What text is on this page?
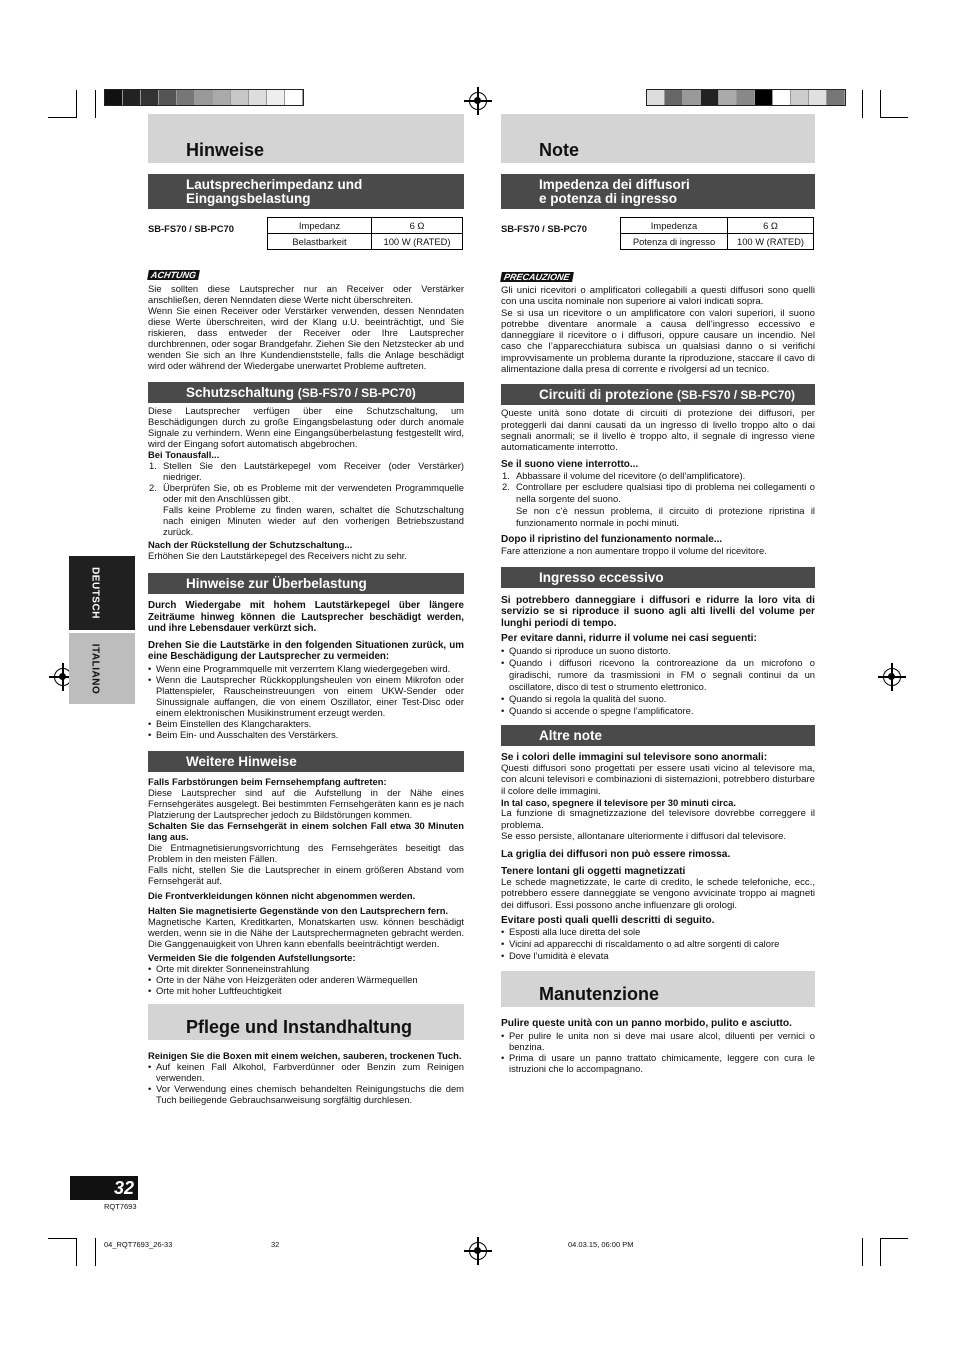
DEUTSCH
ITALIANO
Hinweise
Lautsprecherimpedanz und Eingangsbelastung
SB-FS70 / SB-PC70	Impedanz	6 Ω
Belastbarkeit	100 W (RATED)
ACHTUNG

Sie sollten diese Lautsprecher nur an Receiver oder Verstärker anschließen, deren Nenndaten diese Werte nicht überschreiten.
Wenn Sie einen Receiver oder Verstärker verwenden, dessen Nenndaten diese Werte überschreiten, wird der Klang u.U. beeinträchtigt, und Sie riskieren, dass entweder der Receiver oder Ihre Lautsprecher durchbrennen, oder sogar Brandgefahr. Ziehen Sie den Netzstecker ab und wenden Sie sich an Ihre Kundendienststelle, falls die Anlage beschädigt wird oder während der Wiedergabe unerwartet Probleme auftreten.

Schutzschaltung (SB-FS70 / SB-PC70)

Diese Lautsprecher verfügen über eine Schutzschaltung, um Beschädigungen durch zu große Eingangsbelastung oder durch anomale Signale zu verhindern. Wenn eine Eingangsüberbelastung festgestellt wird, wird der Eingang sofort automatisch abgebrochen.

Bei Tonausfall...

1. Stellen Sie den Lautstärkepegel vom Receiver (oder Verstärker) niedriger.
2. Überprüfen Sie, ob es Probleme mit der verwendeten Programmquelle oder mit den Anschlüssen gibt.
Falls keine Probleme zu finden waren, schaltet die Schutzschaltung nach einigen Minuten wieder auf den vorherigen Betriebszustand zurück.

Nach der Rückstellung der Schutzschaltung...

Erhöhen Sie den Lautstärkepegel des Receivers nicht zu sehr.

Hinweise zur Überbelastung

Durch Wiedergabe mit hohem Lautstärkepegel über längere Zeiträume hinweg können die Lautsprecher beschädigt werden, und ihre Lebensdauer verkürzt sich.

Drehen Sie die Lautstärke in den folgenden Situationen zurück, um eine Beschädigung der Lautsprecher zu vermeiden:

• Wenn eine Programmquelle mit verzerrtem Klang wiedergegeben wird.
• Wenn die Lautsprecher Rückkopplungsheulen von einem Mikrofon oder Plattenspieler, Rauscheinstreuungen von einem UKW-Sender oder Sinussignale auffangen, die von einem Oszillator, einer Test-Disc oder einem elektronischen Musikinstrument erzeugt werden.
• Beim Einstellen des Klangcharakters.
• Beim Ein- und Ausschalten des Verstärkers.
Weitere Hinweise

Falls Farbstörungen beim Fernsehempfang auftreten:

Diese Lautsprecher sind auf die Aufstellung in der Nähe eines Fernsehgerätes ausgelegt. Bei bestimmten Fernsehgeräten kann es je nach Platzierung der Lautsprecher jedoch zu Bildstörungen kommen.

Schalten Sie das Fernsehgerät in einem solchen Fall etwa 30 Minuten lang aus.

Die Entmagnetisierungsvorrichtung des Fernsehgerätes beseitigt das Problem in den meisten Fällen.
Falls nicht, stellen Sie die Lautsprecher in einem größeren Abstand vom Fernsehgerät auf.

Die Frontverkleidungen können nicht abgenommen werden.

Halten Sie magnetisierte Gegenstände von den Lautsprechern fern.

Magnetische Karten, Kreditkarten, Monatskarten usw. können beschädigt werden, wenn sie in die Nähe der Lautsprechermagneten gebracht werden. Die Ganggenauigkeit von Uhren kann ebenfalls beeinträchtigt werden.

Vermeiden Sie die folgenden Aufstellungsorte:

• Orte mit direkter Sonneneinstrahlung
• Orte in der Nähe von Heizgeräten oder anderen Wärmequellen
• Orte mit hoher Luftfeuchtigkeit
Pflege und Instandhaltung

Reinigen Sie die Boxen mit einem weichen, sauberen, trockenen Tuch.

• Auf keinen Fall Alkohol, Farbverdünner oder Benzin zum Reinigen verwenden.
• Vor Verwendung eines chemisch behandelten Reinigungstuchs die dem Tuch beiliegende Gebrauchsanweisung sorgfältig durchlesen.
Note
Impedenza dei diffusori
e potenza di ingresso
SB-FS70 / SB-PC70	Impedenza	6 Ω
Potenza di ingresso	100 W (RATED)
PRECAUZIONE

Gli unici ricevitori o amplificatori collegabili a questi diffusori sono quelli con una uscita nominale non superiore ai valori indicati sopra.
Se si usa un ricevitore o un amplificatore con valori superiori, il suono potrebbe diventare anormale a causa dell’ingresso eccessivo e danneggiare il ricevitore o i diffusori, oppure causare un incendio. Nel caso che l’apparecchiatura subisca un qualsiasi danno o si verifichi improvvisamente un problema durante la riproduzione, staccare il cavo di alimentazione dalla presa di corrente e rivolgersi ad un tecnico.

Circuiti di protezione (SB-FS70 / SB-PC70)

Queste unità sono dotate di circuiti di protezione dei diffusori, per proteggerli dai danni causati da un ingresso di livello troppo alto o dai segnali anormali; se il livello è troppo alto, il segnale di ingresso viene automaticamente interrotto.

Se il suono viene interrotto...

1. Abbassare il volume del ricevitore (o dell’amplificatore).
2. Controllare per escludere qualsiasi tipo di problema nei collegamenti o nella sorgente del suono.
Se non c’è nessun problema, il circuito di protezione ripristina il funzionamento normale in pochi minuti.

Dopo il ripristino del funzionamento normale...

Fare attenzione a non aumentare troppo il volume del ricevitore.

Ingresso eccessivo

Si potrebbero danneggiare i diffusori e ridurre la loro vita di servizio se si riproduce il suono agli alti livelli del volume per lunghi periodi di tempo.

Per evitare danni, ridurre il volume nei casi seguenti:

• Quando si riproduce un suono distorto.
• Quando i diffusori ricevono la controreazione da un microfono o giradischi, rumore da trasmissioni in FM o segnali continui da un oscillatore, disco di test o strumento elettronico.
• Quando si regola la qualità del suono.
• Quando si accende o spegne l’amplificatore.
Altre note

Se i colori delle immagini sul televisore sono anormali:

Questi diffusori sono progettati per essere usati vicino al televisore ma, con alcuni televisori e combinazioni di sistemazioni, potrebbero disturbare il colore delle immagini.

In tal caso, spegnere il televisore per 30 minuti circa.

La funzione di smagnetizzazione del televisore dovrebbe correggere il problema.
Se esso persiste, allontanare ulteriormente i diffusori dal televisore.

La griglia dei diffusori non può essere rimossa.

Tenere lontani gli oggetti magnetizzati

Le schede magnetizzate, le carte di credito, le schede telefoniche, ecc., potrebbero essere danneggiate se vengono avvicinate troppo ai magneti dei diffusori. Essi possono anche influenzare gli orologi.

Evitare posti quali quelli descritti di seguito.

• Esposti alla luce diretta del sole
• Vicini ad apparecchi di riscaldamento o ad altre sorgenti di calore
• Dove l’umidità è elevata
Manutenzione

Pulire queste unità con un panno morbido, pulito e asciutto.

• Per pulire le unita non si deve mai usare alcol, diluenti per vernici o benzina.
• Prima di usare un panno trattato chimicamente, leggere con cura le istruzioni che lo accompagnano.
32
RQT7693
04_RQT7693_26-33	32	04.03.15, 06:00 PM
